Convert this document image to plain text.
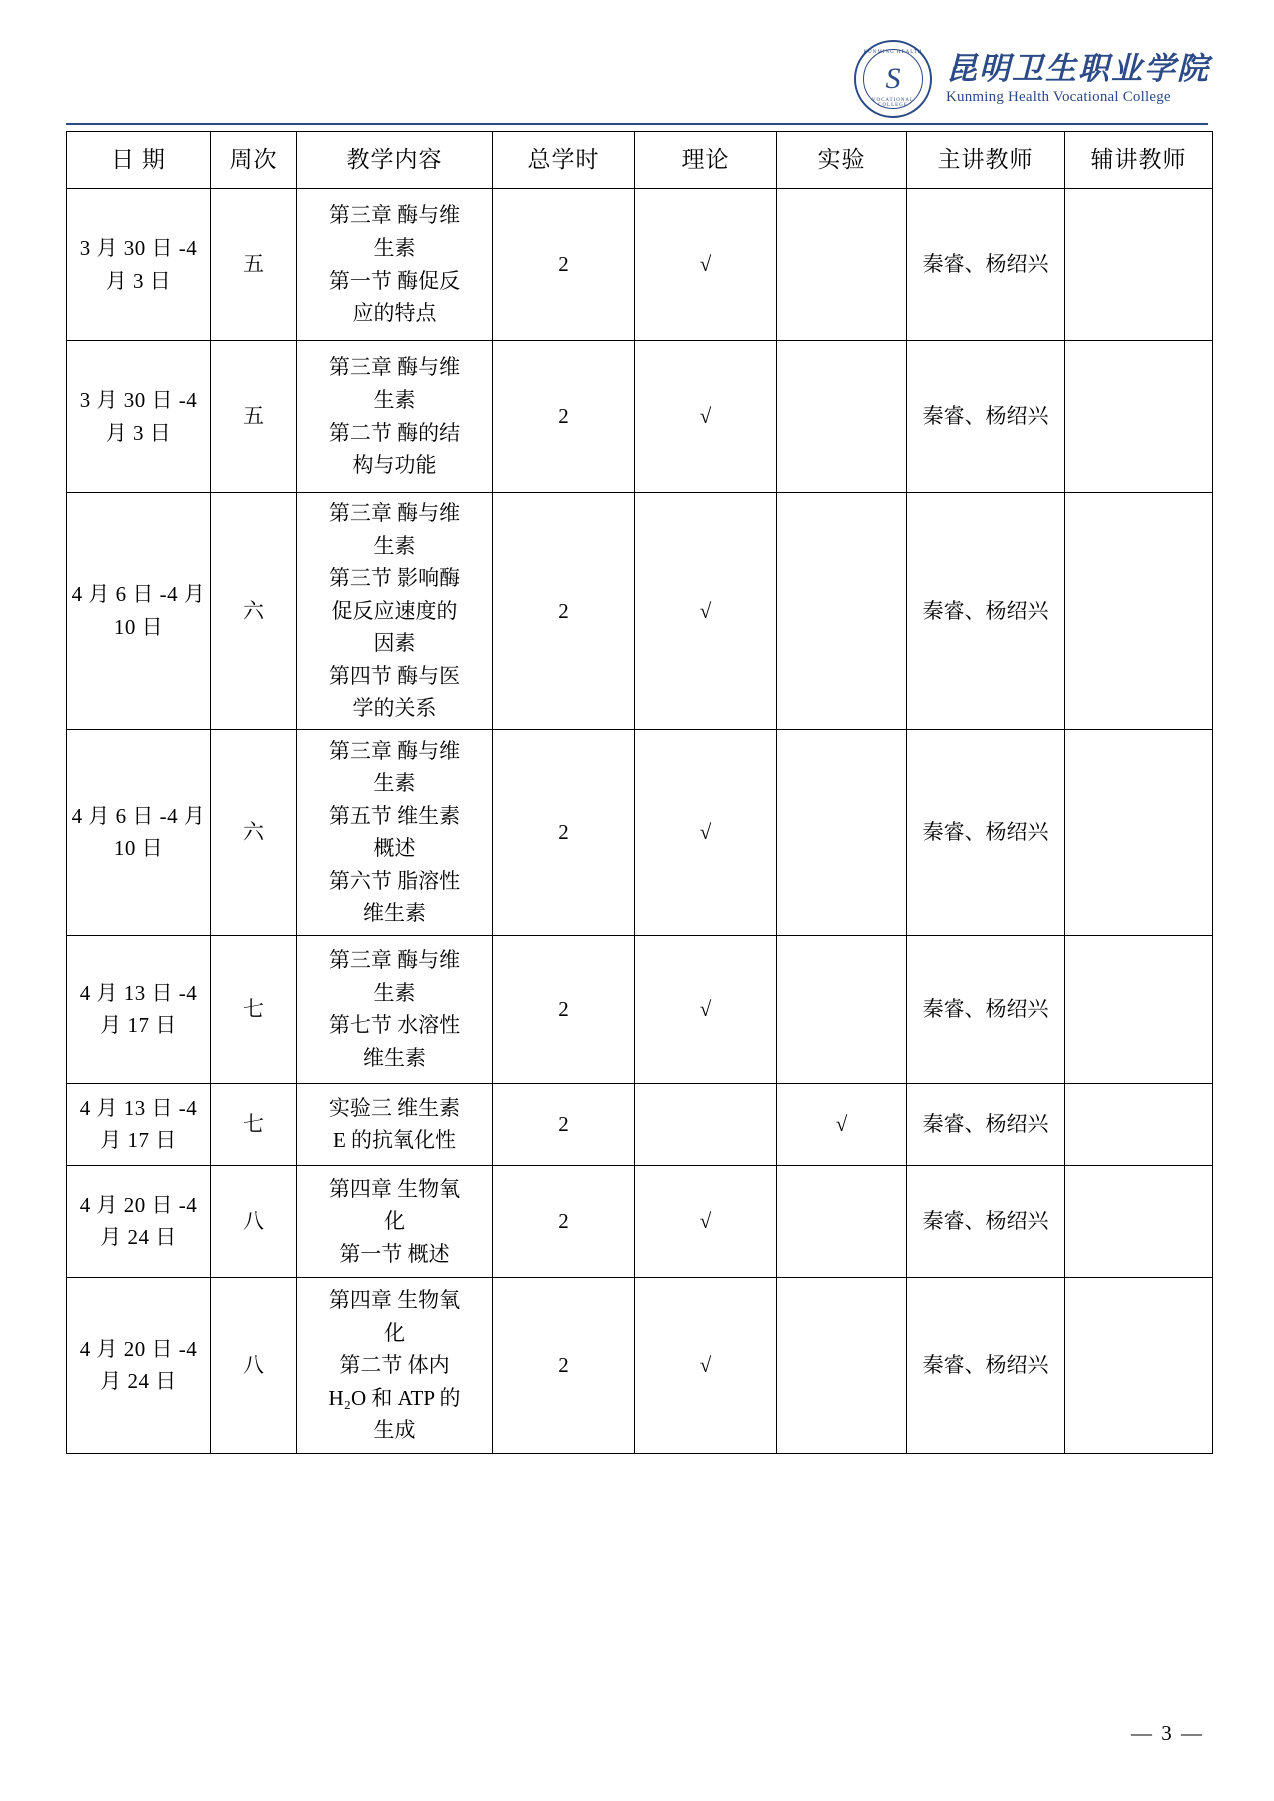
KUNMING HEALTH
S
VOCATIONAL COLLEGE
昆明卫生职业学院
Kunming Health Vocational College
日 期	周次	教学内容	总学时	理论	实验	主讲教师	辅讲教师
3 月 30 日 -4 月 3 日	五	第三章 酶与维
生素
第一节 酶促反
应的特点	2	√		秦睿、杨绍兴	
3 月 30 日 -4 月 3 日	五	第三章 酶与维
生素
第二节 酶的结
构与功能	2	√		秦睿、杨绍兴	
4 月 6 日 -4 月 10 日	六	
第三章 酶与维
生素
第三节 影响酶
促反应速度的
因素
第四节 酶与医
学的关系
	2	√		秦睿、杨绍兴	
4 月 6 日 -4 月 10 日	六	
第三章 酶与维
生素
第五节 维生素
概述
第六节 脂溶性
维生素
	2	√		秦睿、杨绍兴	
4 月 13 日 -4 月 17 日	七	第三章 酶与维
生素
第七节 水溶性
维生素	2	√		秦睿、杨绍兴	
4 月 13 日 -4 月 17 日	七	实验三 维生素
E 的抗氧化性	2		√	秦睿、杨绍兴	
4 月 20 日 -4 月 24 日	八	第四章 生物氧
化
第一节 概述	2	√		秦睿、杨绍兴	
4 月 20 日 -4 月 24 日	八	第四章 生物氧
化
第二节 体内
H₂O 和 ATP 的
生成	2	√		秦睿、杨绍兴	
— 3 —
